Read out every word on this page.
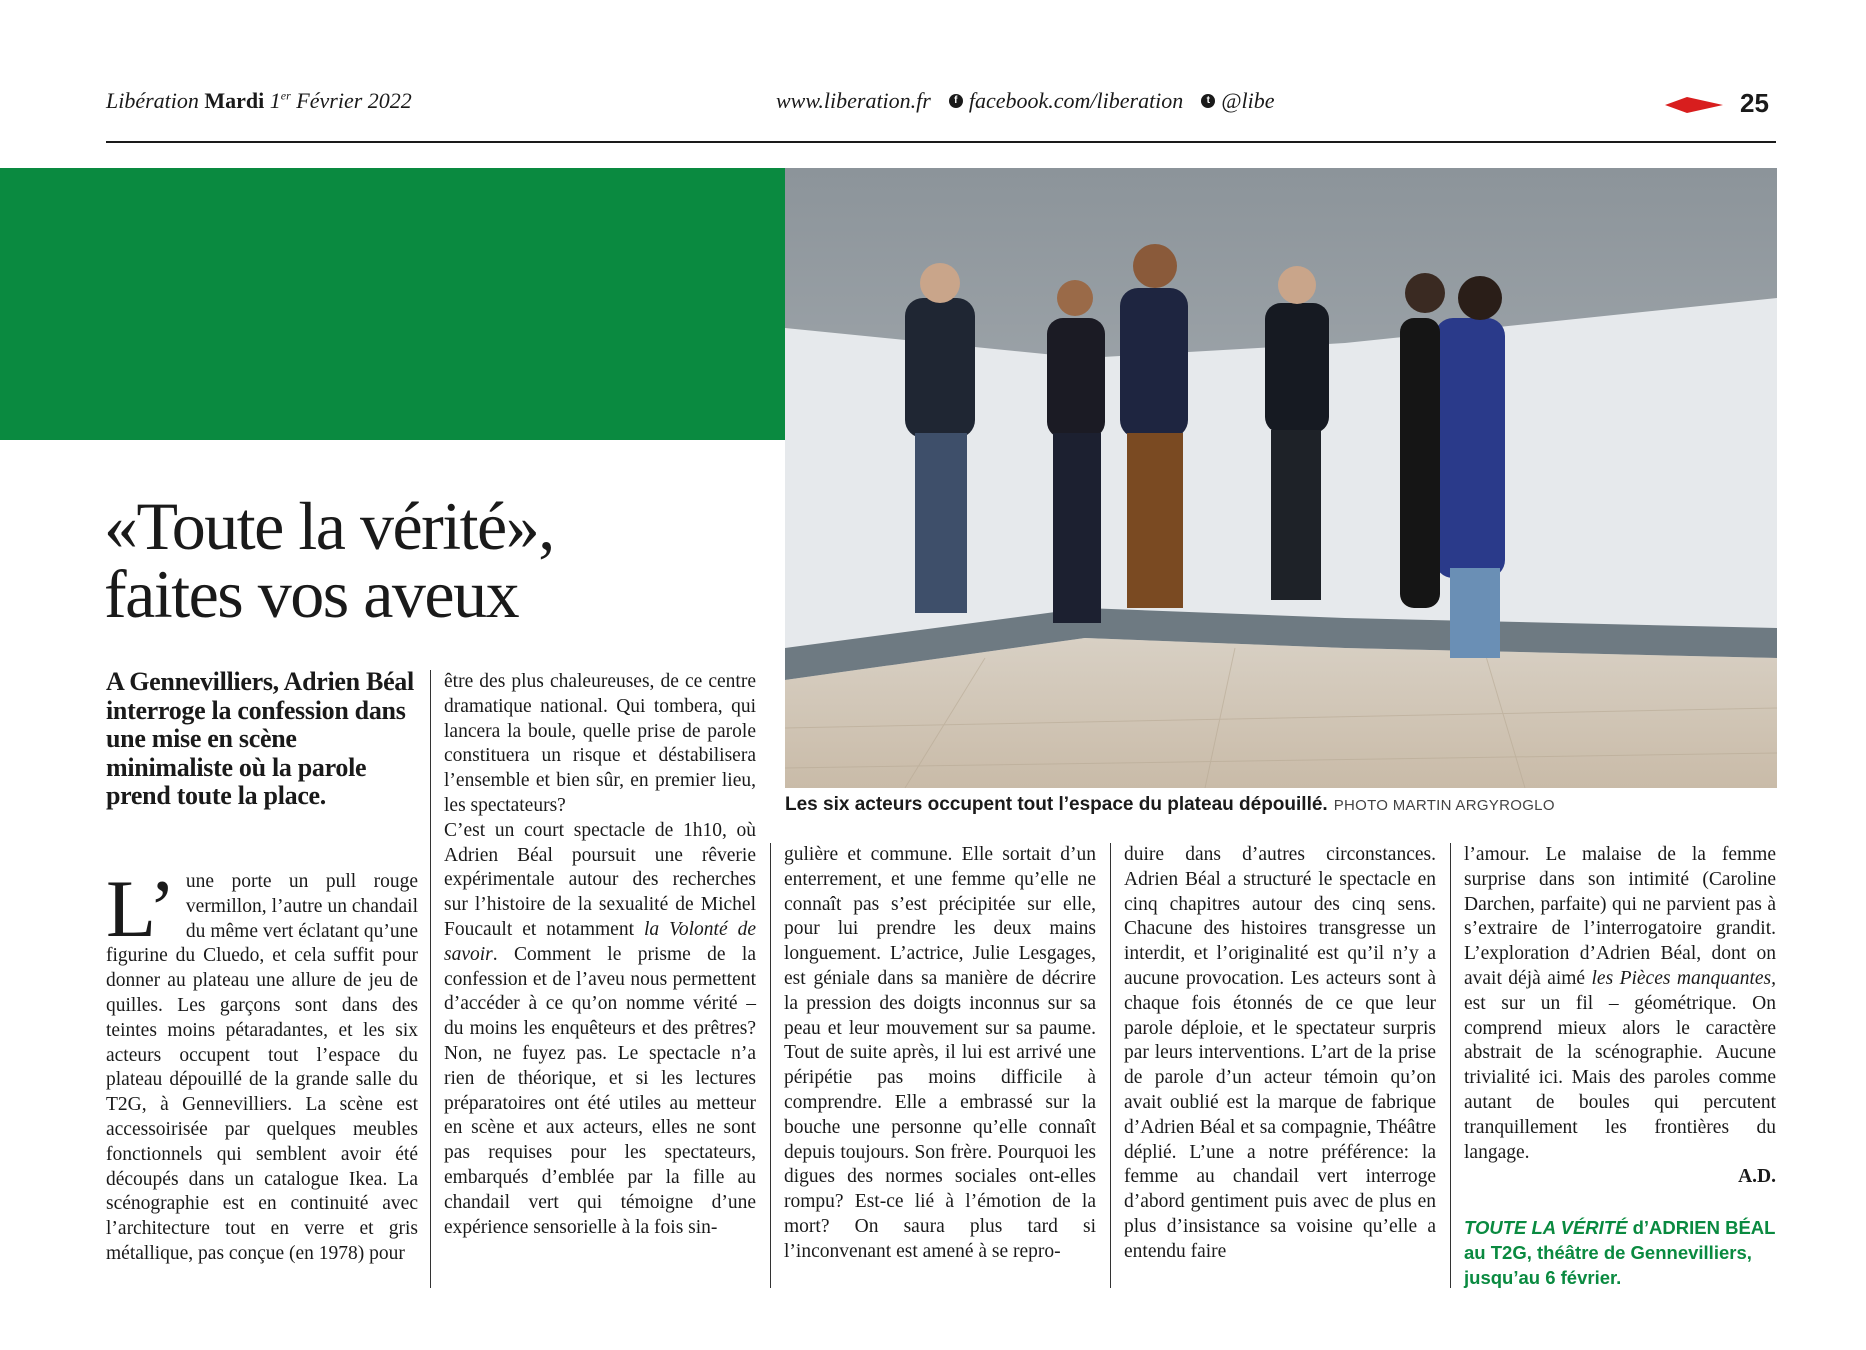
Libération Mardi 1er Février 2022	www.liberation.fr	f facebook.com/liberation	t @libe	25
Les six acteurs occupent tout l’espace du plateau dépouillé. PHOTO MARTIN ARGYROGLO
«Toute la vérité»,
faites vos aveux

A Gennevilliers, Adrien Béal interroge la confession dans une mise en scène minimaliste où la parole prend toute la place.

L’ une porte un pull rouge vermillon, l’autre un chandail du même vert éclatant qu’une figurine du Cluedo, et cela suffit pour donner au plateau une allure de jeu de quilles. Les garçons sont dans des teintes moins pétaradantes, et les six acteurs occupent tout l’espace du plateau dépouillé de la grande salle du T2G, à Gennevilliers. La scène est accessoirisée par quelques meubles fonctionnels qui semblent avoir été découpés dans un catalogue Ikea. La scénographie est en continuité avec l’architecture tout en verre et gris métallique, pas conçue (en 1978) pour

être des plus chaleureuses, de ce centre dramatique national. Qui tombera, qui lancera la boule, quelle prise de parole constituera un risque et déstabilisera l’ensemble et bien sûr, en premier lieu, les spectateurs?

C’est un court spectacle de 1h10, où Adrien Béal poursuit une rêverie expérimentale autour des recherches sur l’histoire de la sexualité de Michel Foucault et notamment la Volonté de savoir. Comment le prisme de la confession et de l’aveu nous permettent d’accéder à ce qu’on nomme vérité – du moins les enquêteurs et des prêtres? Non, ne fuyez pas. Le spectacle n’a rien de théorique, et si les lectures préparatoires ont été utiles au metteur en scène et aux acteurs, elles ne sont pas requises pour les spectateurs, embarqués d’emblée par la fille au chandail vert qui témoigne d’une expérience sensorielle à la fois sin-

gulière et commune. Elle sortait d’un enterrement, et une femme qu’elle ne connaît pas s’est précipitée sur elle, pour lui prendre les deux mains longuement. L’actrice, Julie Lesgages, est géniale dans sa manière de décrire la pression des doigts inconnus sur sa peau et leur mouvement sur sa paume. Tout de suite après, il lui est arrivé une péripétie pas moins difficile à comprendre. Elle a embrassé sur la bouche une personne qu’elle connaît depuis toujours. Son frère. Pourquoi les digues des normes sociales ont-elles rompu? Est-ce lié à l’émotion de la mort? On saura plus tard si l’inconvenant est amené à se repro-

duire dans d’autres circonstances. Adrien Béal a structuré le spectacle en cinq chapitres autour des cinq sens. Chacune des histoires transgresse un interdit, et l’originalité est qu’il n’y a aucune provocation. Les acteurs sont à chaque fois étonnés de ce que leur parole déploie, et le spectateur surpris par leurs interventions. L’art de la prise de parole d’un acteur témoin qu’on avait oublié est la marque de fabrique d’Adrien Béal et sa compagnie, Théâtre déplié. L’une a notre préférence: la femme au chandail vert interroge d’abord gentiment puis avec de plus en plus d’insistance sa voisine qu’elle a entendu faire

l’amour. Le malaise de la femme surprise dans son intimité (Caroline Darchen, parfaite) qui ne parvient pas à s’extraire de l’interrogatoire grandit. L’exploration d’Adrien Béal, dont on avait déjà aimé les Pièces manquantes, est sur un fil – géométrique. On comprend mieux alors le caractère abstrait de la scénographie. Aucune trivialité ici. Mais des paroles comme autant de boules qui percutent tranquillement les frontières du langage.

A.D.

TOUTE LA VÉRITÉ d’ADRIEN BÉAL au T2G, théâtre de Gennevilliers, jusqu’au 6 février.
